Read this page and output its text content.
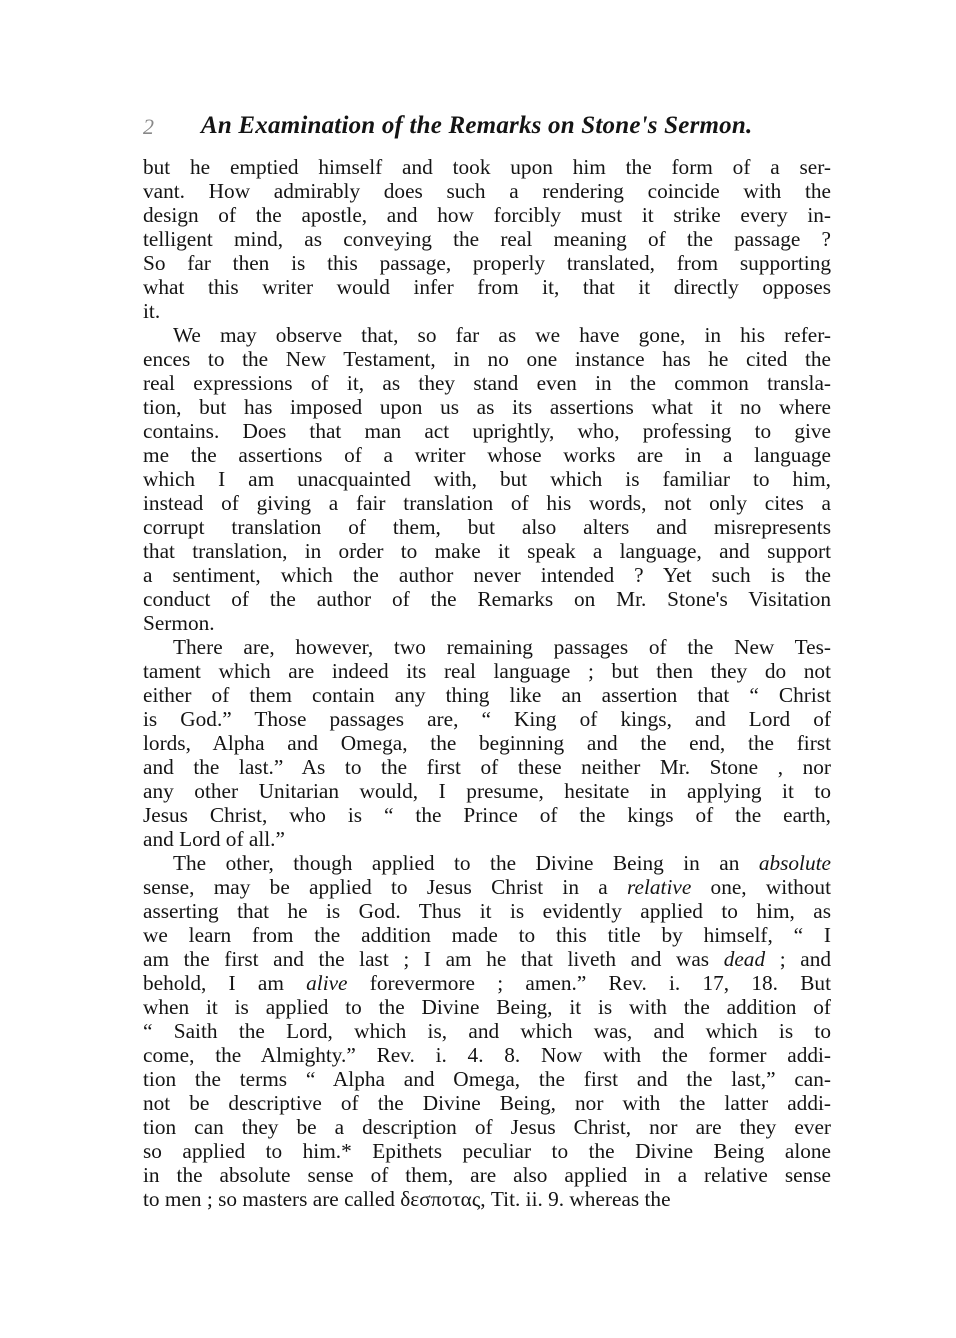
2 An Examination of the Remarks on Stone's Sermon.
but he emptied himself and took upon him the form of a ser-
vant. How admirably does such a rendering coincide with the
design of the apostle, and how forcibly must it strike every in-
telligent mind, as conveying the real meaning of the passage ?
So far then is this passage, properly translated, from supporting
what this writer would infer from it, that it directly opposes
it.
We may observe that, so far as we have gone, in his refer-
ences to the New Testament, in no one instance has he cited the
real expressions of it, as they stand even in the common transla-
tion, but has imposed upon us as its assertions what it no where
contains. Does that man act uprightly, who, professing to give
me the assertions of a writer whose works are in a language
which I am unacquainted with, but which is familiar to him,
instead of giving a fair translation of his words, not only cites a
corrupt translation of them, but also alters and misrepresents
that translation, in order to make it speak a language, and support
a sentiment, which the author never intended ? Yet such is the
conduct of the author of the Remarks on Mr. Stone's Visitation
Sermon.
There are, however, two remaining passages of the New Tes-
tament which are indeed its real language ; but then they do not
either of them contain any thing like an assertion that “ Christ
is God.” Those passages are, “ King of kings, and Lord of
lords, Alpha and Omega, the beginning and the end, the first
and the last.” As to the first of these neither Mr. Stone , nor
any other Unitarian would, I presume, hesitate in applying it to
Jesus Christ, who is “ the Prince of the kings of the earth,
and Lord of all.”
The other, though applied to the Divine Being in an absolute
sense, may be applied to Jesus Christ in a relative one, without
asserting that he is God. Thus it is evidently applied to him, as
we learn from the addition made to this title by himself, “ I
am the first and the last ; I am he that liveth and was dead ; and
behold, I am alive forevermore ; amen.” Rev. i. 17, 18. But
when it is applied to the Divine Being, it is with the addition of
“ Saith the Lord, which is, and which was, and which is to
come, the Almighty.” Rev. i. 4. 8. Now with the former addi-
tion the terms “ Alpha and Omega, the first and the last,” can-
not be descriptive of the Divine Being, nor with the latter addi-
tion can they be a description of Jesus Christ, nor are they ever
so applied to him.* Epithets peculiar to the Divine Being alone
in the absolute sense of them, are also applied in a relative sense
to men ; so masters are called δεσποτας, Tit. ii. 9. whereas the
